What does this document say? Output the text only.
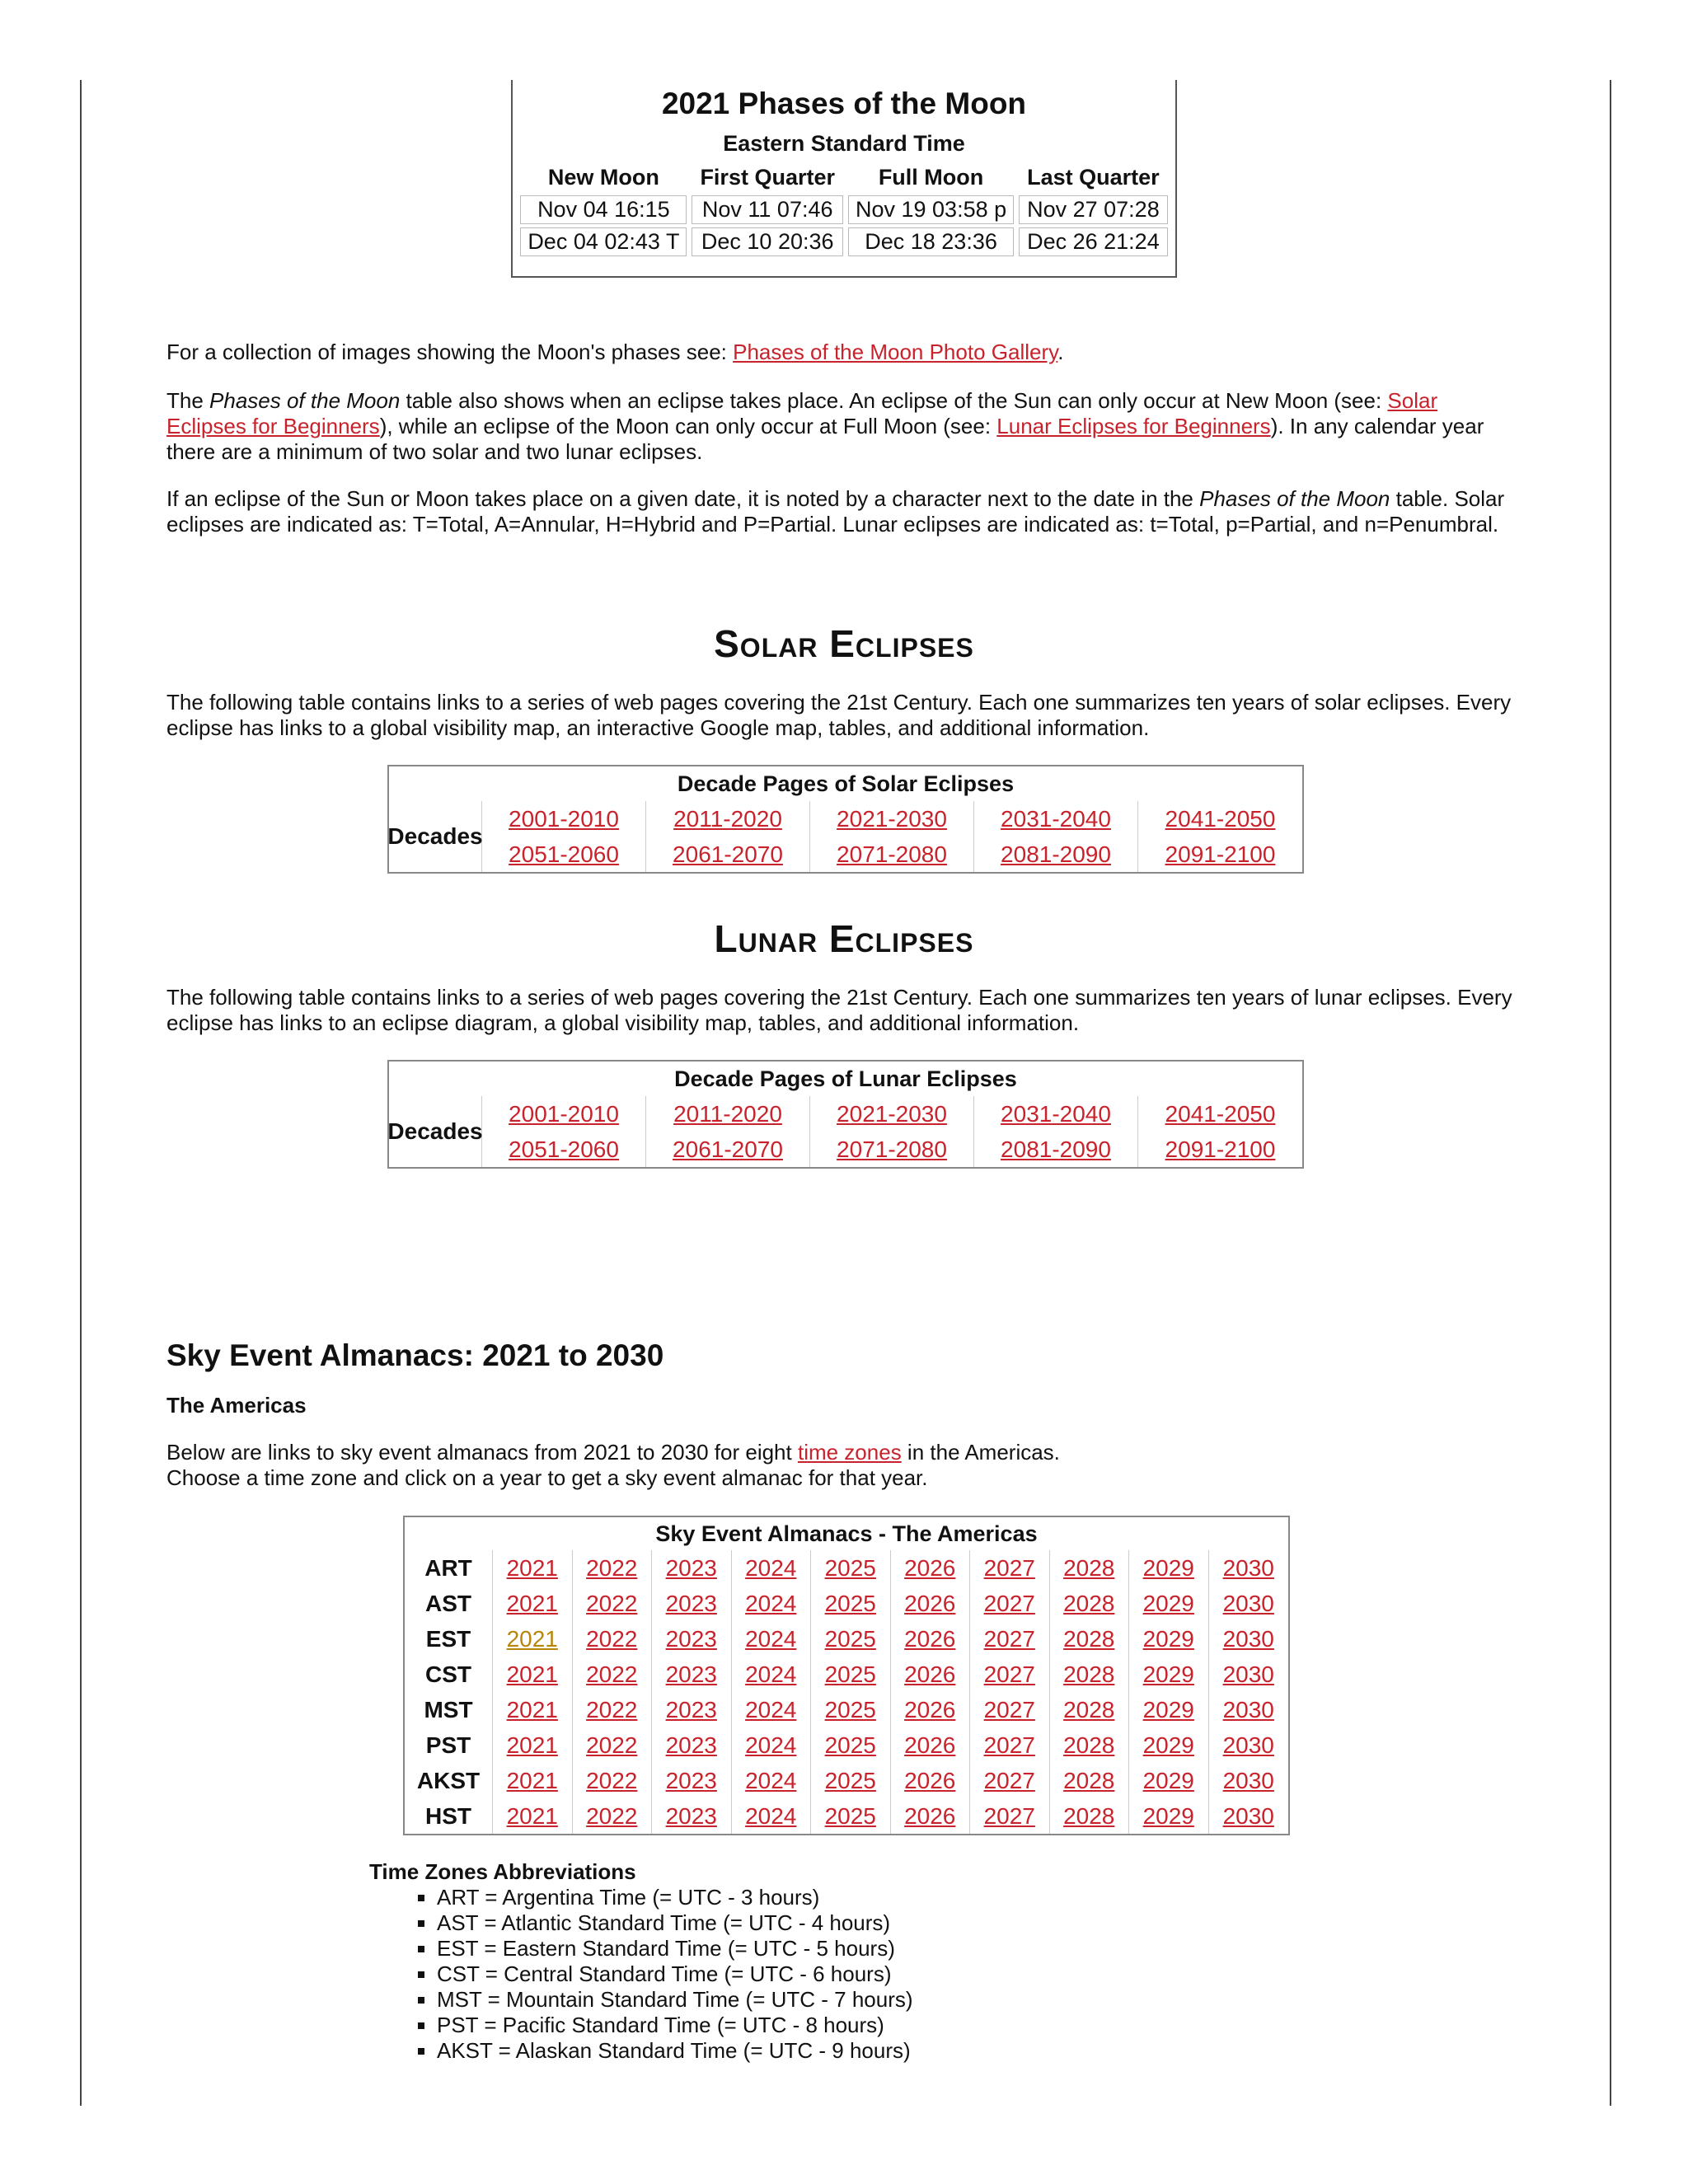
2021 Phases of the Moon
Eastern Standard Time
New Moon	First Quarter	Full Moon	Last Quarter
Nov 04 16:15	Nov 11 07:46	Nov 19 03:58 p	Nov 27 07:28
Dec 04 02:43 T	Dec 10 20:36	Dec 18 23:36	Dec 26 21:24

For a collection of images showing the Moon's phases see: Phases of the Moon Photo Gallery.

The Phases of the Moon table also shows when an eclipse takes place. An eclipse of the Sun can only occur at New Moon (see: Solar Eclipses for Beginners), while an eclipse of the Moon can only occur at Full Moon (see: Lunar Eclipses for Beginners). In any calendar year there are a minimum of two solar and two lunar eclipses.

If an eclipse of the Sun or Moon takes place on a given date, it is noted by a character next to the date in the Phases of the Moon table. Solar eclipses are indicated as: T=Total, A=Annular, H=Hybrid and P=Partial. Lunar eclipses are indicated as: t=Total, p=Partial, and n=Penumbral.

Solar Eclipses

The following table contains links to a series of web pages covering the 21st Century. Each one summarizes ten years of solar eclipses. Every eclipse has links to a global visibility map, an interactive Google map, tables, and additional information.

Decade Pages of Solar Eclipses
Decades
2001-2010	2011-2020	2021-2030	2031-2040	2041-2050
2051-2060	2061-2070	2071-2080	2081-2090	2091-2100
Lunar Eclipses

The following table contains links to a series of web pages covering the 21st Century. Each one summarizes ten years of lunar eclipses. Every eclipse has links to an eclipse diagram, a global visibility map, tables, and additional information.

Decade Pages of Lunar Eclipses
Decades
2001-2010	2011-2020	2021-2030	2031-2040	2041-2050
2051-2060	2061-2070	2071-2080	2081-2090	2091-2100
Sky Event Almanacs: 2021 to 2030

The Americas

Below are links to sky event almanacs from 2021 to 2030 for eight time zones in the Americas.
Choose a time zone and click on a year to get a sky event almanac for that year.

Sky Event Almanacs - The Americas
ART	2021	2022	2023	2024	2025	2026	2027	2028	2029	2030
AST	2021	2022	2023	2024	2025	2026	2027	2028	2029	2030
EST	2021	2022	2023	2024	2025	2026	2027	2028	2029	2030
CST	2021	2022	2023	2024	2025	2026	2027	2028	2029	2030
MST	2021	2022	2023	2024	2025	2026	2027	2028	2029	2030
PST	2021	2022	2023	2024	2025	2026	2027	2028	2029	2030
AKST	2021	2022	2023	2024	2025	2026	2027	2028	2029	2030
HST	2021	2022	2023	2024	2025	2026	2027	2028	2029	2030
Time Zones Abbreviations
▪ ART = Argentina Time (= UTC - 3 hours)
▪ AST = Atlantic Standard Time (= UTC - 4 hours)
▪ EST = Eastern Standard Time (= UTC - 5 hours)
▪ CST = Central Standard Time (= UTC - 6 hours)
▪ MST = Mountain Standard Time (= UTC - 7 hours)
▪ PST = Pacific Standard Time (= UTC - 8 hours)
▪ AKST = Alaskan Standard Time (= UTC - 9 hours)
